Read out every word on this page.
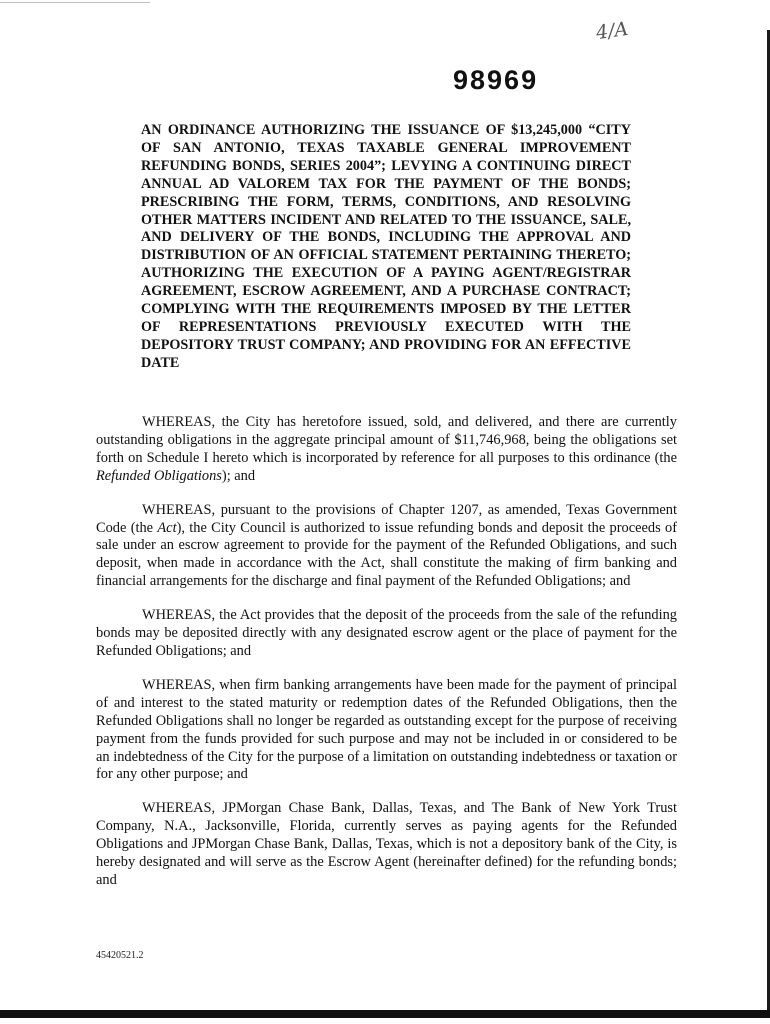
4/A
98969

AN ORDINANCE AUTHORIZING THE ISSUANCE OF $13,245,000 “CITY OF SAN ANTONIO, TEXAS TAXABLE GENERAL IMPROVEMENT REFUNDING BONDS, SERIES 2004”; LEVYING A CONTINUING DIRECT ANNUAL AD VALOREM TAX FOR THE PAYMENT OF THE BONDS; PRESCRIBING THE FORM, TERMS, CONDITIONS, AND RESOLVING OTHER MATTERS INCIDENT AND RELATED TO THE ISSUANCE, SALE, AND DELIVERY OF THE BONDS, INCLUDING THE APPROVAL AND DISTRIBUTION OF AN OFFICIAL STATEMENT PERTAINING THERETO; AUTHORIZING THE EXECUTION OF A PAYING AGENT/REGISTRAR AGREEMENT, ESCROW AGREEMENT, AND A PURCHASE CONTRACT; COMPLYING WITH THE REQUIREMENTS IMPOSED BY THE LETTER OF REPRESENTATIONS PREVIOUSLY EXECUTED WITH THE DEPOSITORY TRUST COMPANY; AND PROVIDING FOR AN EFFECTIVE DATE

WHEREAS, the City has heretofore issued, sold, and delivered, and there are currently outstanding obligations in the aggregate principal amount of $11,746,968, being the obligations set forth on Schedule I hereto which is incorporated by reference for all purposes to this ordinance (the Refunded Obligations); and

WHEREAS, pursuant to the provisions of Chapter 1207, as amended, Texas Government Code (the Act), the City Council is authorized to issue refunding bonds and deposit the proceeds of sale under an escrow agreement to provide for the payment of the Refunded Obligations, and such deposit, when made in accordance with the Act, shall constitute the making of firm banking and financial arrangements for the discharge and final payment of the Refunded Obligations; and

WHEREAS, the Act provides that the deposit of the proceeds from the sale of the refunding bonds may be deposited directly with any designated escrow agent or the place of payment for the Refunded Obligations; and

WHEREAS, when firm banking arrangements have been made for the payment of principal of and interest to the stated maturity or redemption dates of the Refunded Obligations, then the Refunded Obligations shall no longer be regarded as outstanding except for the purpose of receiving payment from the funds provided for such purpose and may not be included in or considered to be an indebtedness of the City for the purpose of a limitation on outstanding indebtedness or taxation or for any other purpose; and

WHEREAS, JPMorgan Chase Bank, Dallas, Texas, and The Bank of New York Trust Company, N.A., Jacksonville, Florida, currently serves as paying agents for the Refunded Obligations and JPMorgan Chase Bank, Dallas, Texas, which is not a depository bank of the City, is hereby designated and will serve as the Escrow Agent (hereinafter defined) for the refunding bonds; and

45420521.2
